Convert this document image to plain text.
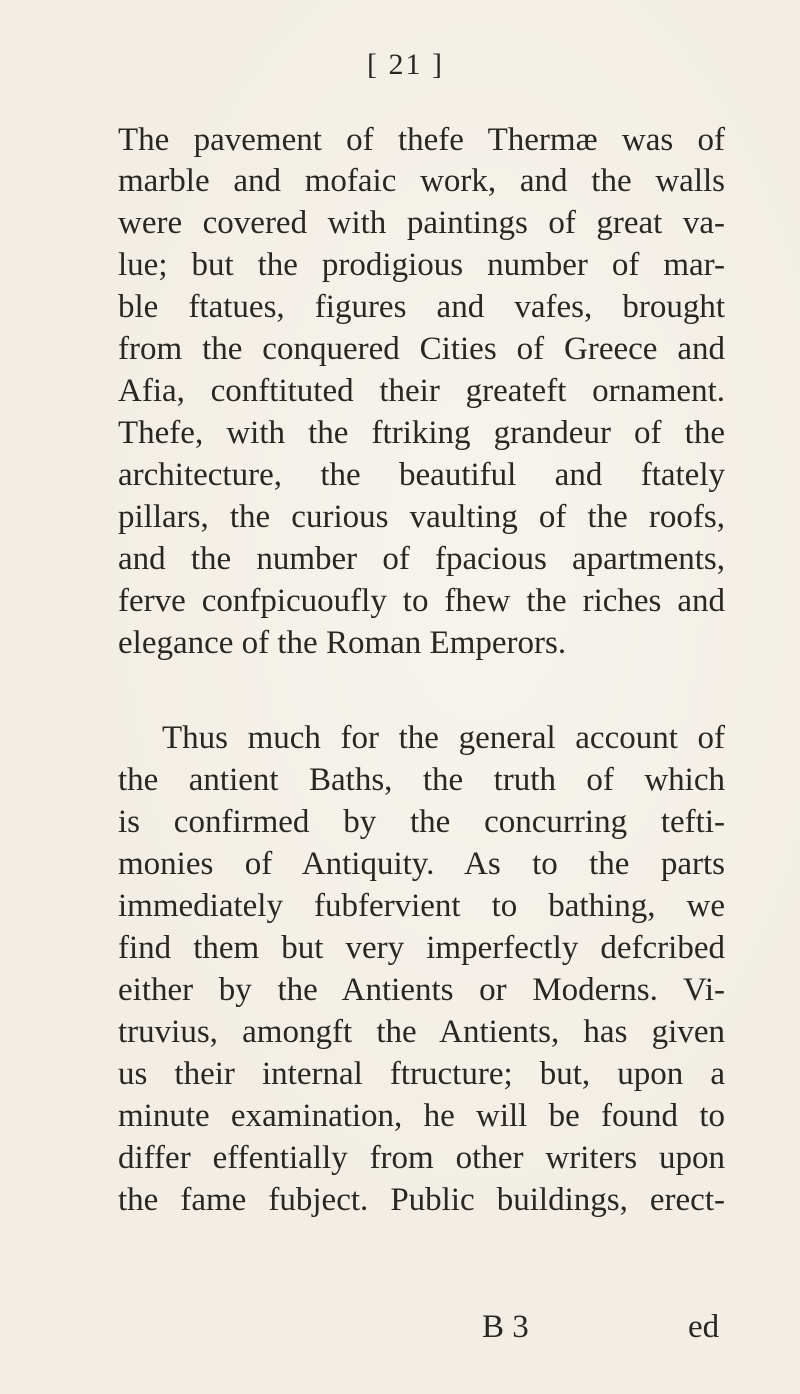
[ 21 ]
The pavement of thefe Thermæ was of
marble and mofaic work, and the walls
were covered with paintings of great va-
lue; but the prodigious number of mar-
ble ftatues, figures and vafes, brought
from the conquered Cities of Greece and
Afia, conftituted their greateft ornament.
Thefe, with the ftriking grandeur of the
architecture, the beautiful and ftately
pillars, the curious vaulting of the roofs,
and the number of fpacious apartments,
ferve confpicuoufly to fhew the riches and
elegance of the Roman Emperors.
Thus much for the general account of
the antient Baths, the truth of which
is confirmed by the concurring tefti-
monies of Antiquity. As to the parts
immediately fubfervient to bathing, we
find them but very imperfectly defcribed
either by the Antients or Moderns. Vi-
truvius, amongft the Antients, has given
us their internal ftructure; but, upon a
minute examination, he will be found to
differ effentially from other writers upon
the fame fubject. Public buildings, erect-
B 3	ed
